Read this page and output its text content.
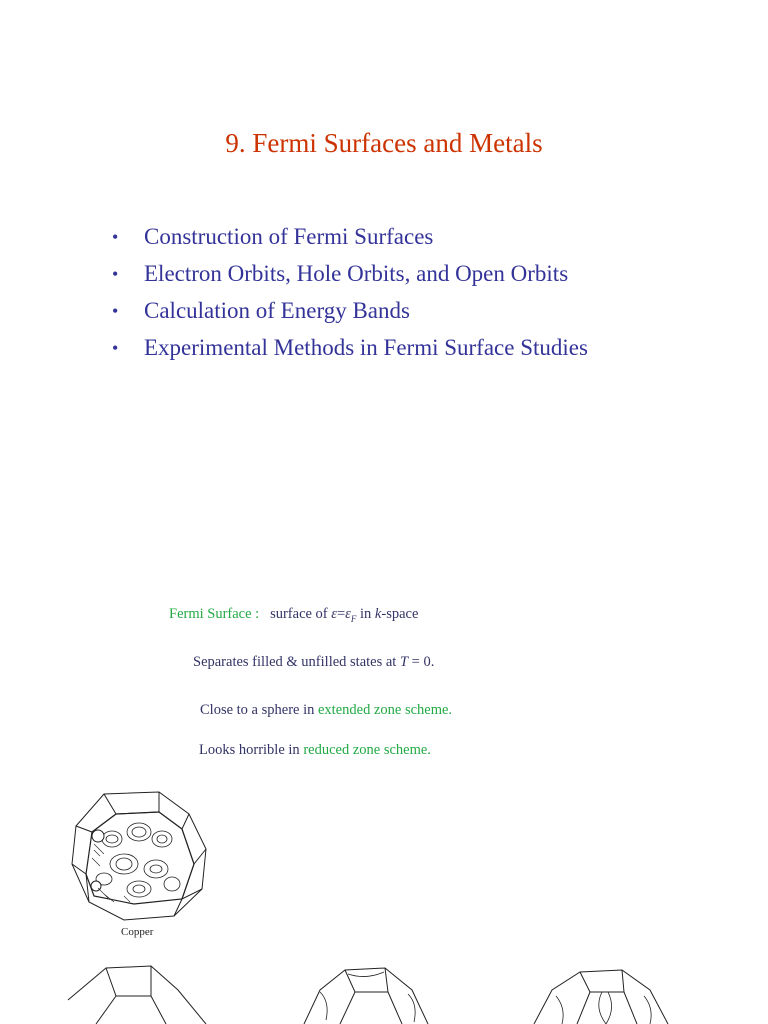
9. Fermi Surfaces and Metals
• Construction of Fermi Surfaces
• Electron Orbits, Hole Orbits, and Open Orbits
• Calculation of Energy Bands
• Experimental Methods in Fermi Surface Studies
Fermi Surface : surface of $\varepsilon=\varepsilon_F$ in k-space
Separates filled & unfilled states at T = 0.
Close to a sphere in extended zone scheme.
Looks horrible in reduced zone scheme.
Copper
